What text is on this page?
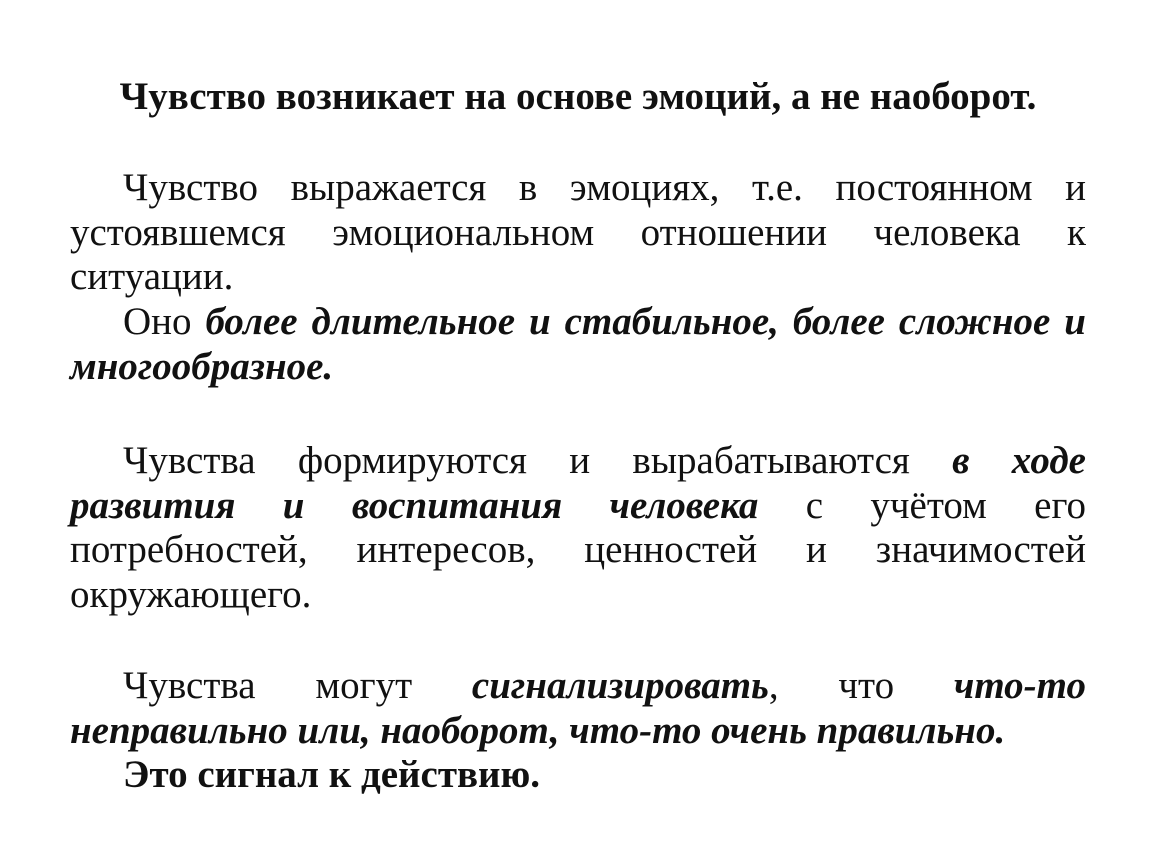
Чувство возникает на основе эмоций, а не наоборот.

Чувство выражается в эмоциях, т.е. постоянном и устоявшемся эмоциональном отношении человека к ситуации.

Оно более длительное и стабильное, более сложное и многообразное.

Чувства формируются и вырабатываются в ходе развития и воспитания человека с учётом его потребностей, интересов, ценностей и значимостей окружающего.

Чувства могут сигнализировать, что что-то неправильно или, наоборот, что-то очень правильно.

Это сигнал к действию.
